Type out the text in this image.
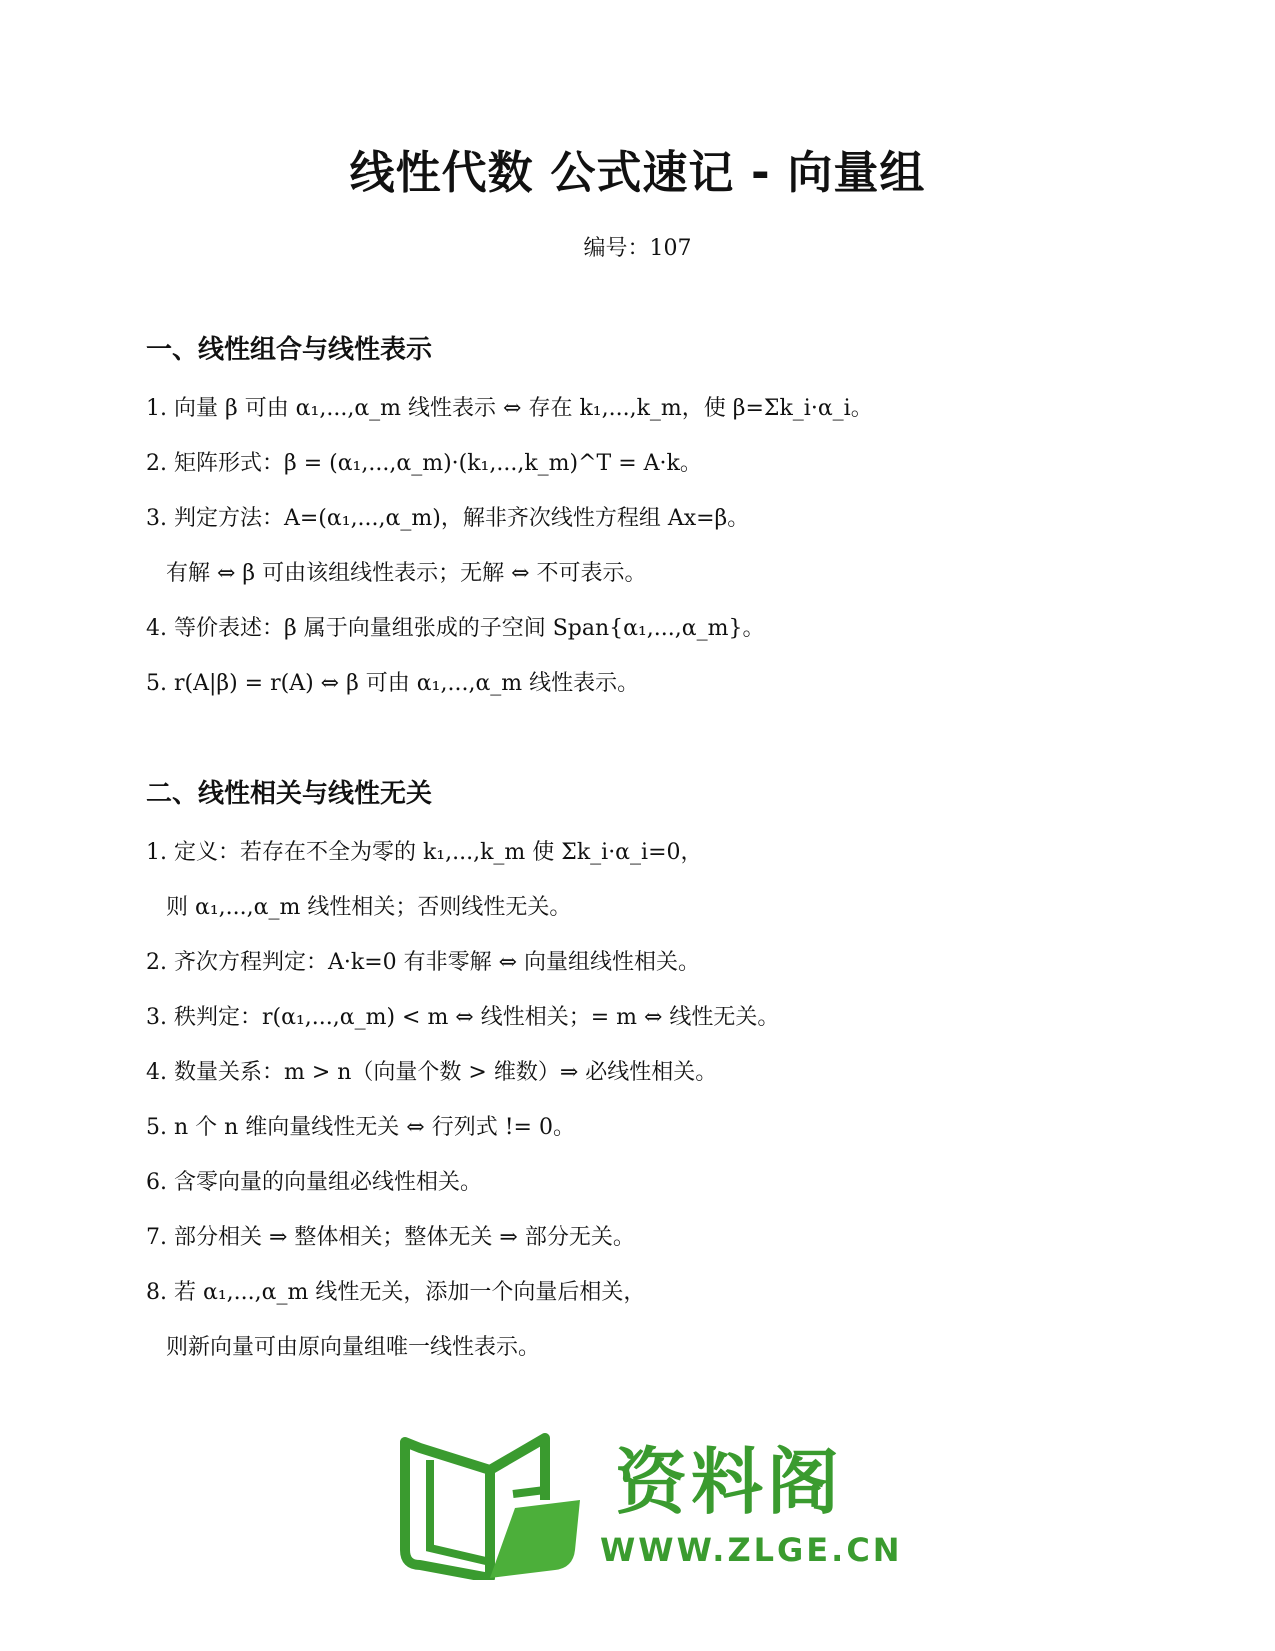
线性代数 公式速记 - 向量组
编号：107
一、线性组合与线性表示
1. 向量 β 可由 α₁,...,α_m 线性表示 ⇔ 存在 k₁,...,k_m，使 β=Σk_i·α_i。
2. 矩阵形式：β = (α₁,...,α_m)·(k₁,...,k_m)^T = A·k。
3. 判定方法：A=(α₁,...,α_m)，解非齐次线性方程组 Ax=β。
有解 ⇔ β 可由该组线性表示；无解 ⇔ 不可表示。
4. 等价表述：β 属于向量组张成的子空间 Span{α₁,...,α_m}。
5. r(A|β) = r(A) ⇔ β 可由 α₁,...,α_m 线性表示。
二、线性相关与线性无关
1. 定义：若存在不全为零的 k₁,...,k_m 使 Σk_i·α_i=0，
则 α₁,...,α_m 线性相关；否则线性无关。
2. 齐次方程判定：A·k=0 有非零解 ⇔ 向量组线性相关。
3. 秩判定：r(α₁,...,α_m) < m ⇔ 线性相关；= m ⇔ 线性无关。
4. 数量关系：m > n（向量个数 > 维数）⇒ 必线性相关。
5. n 个 n 维向量线性无关 ⇔ 行列式 != 0。
6. 含零向量的向量组必线性相关。
7. 部分相关 ⇒ 整体相关；整体无关 ⇒ 部分无关。
8. 若 α₁,...,α_m 线性无关，添加一个向量后相关，
则新向量可由原向量组唯一线性表示。
资料阁
WWW.ZLGE.CN
